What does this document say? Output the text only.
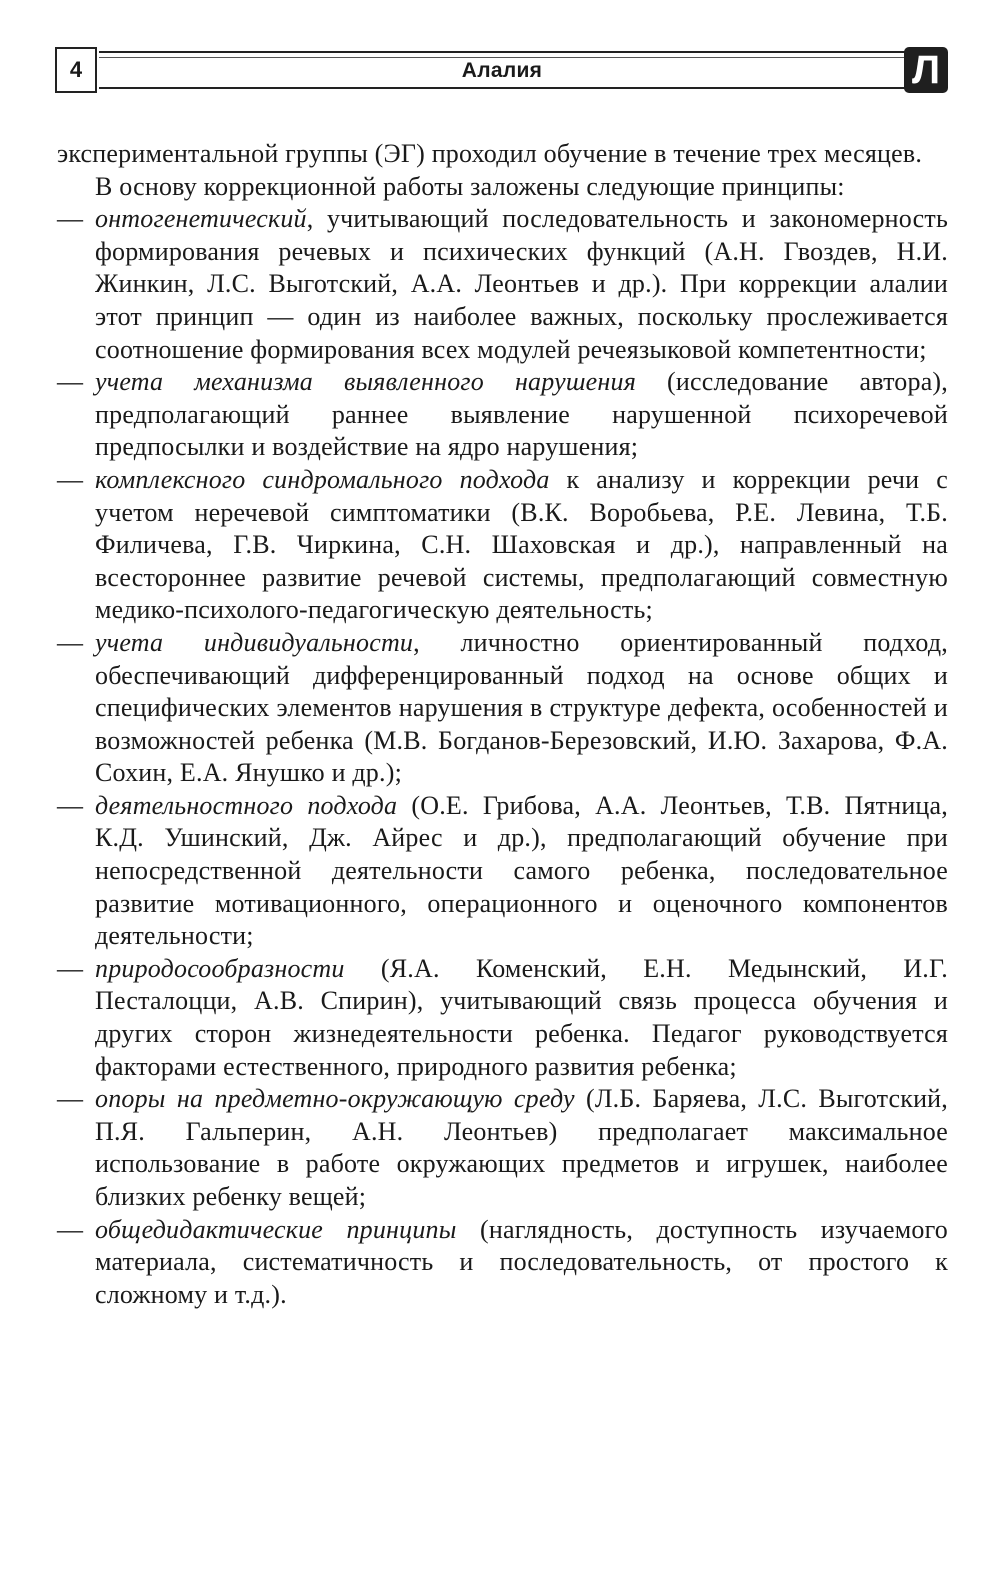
4	Алалия	Л

экспериментальной группы (ЭГ) проходил обучение в течение трех месяцев.

В основу коррекционной работы заложены следующие принципы:

— онтогенетический, учитывающий последовательность и закономерность формирования речевых и психических функций (А.Н. Гвоздев, Н.И. Жинкин, Л.С. Выготский, А.А. Леонтьев и др.). При коррекции алалии этот принцип — один из наиболее важных, поскольку прослеживается соотношение формирования всех модулей речеязыковой компетентности;
— учета механизма выявленного нарушения (исследование автора), предполагающий раннее выявление нарушенной психоречевой предпосылки и воздействие на ядро нарушения;
— комплексного синдромального подхода к анализу и коррекции речи с учетом неречевой симптоматики (В.К. Воробьева, Р.Е. Левина, Т.Б. Филичева, Г.В. Чиркина, С.Н. Шаховская и др.), направленный на всестороннее развитие речевой системы, предполагающий совместную медико-психолого-педагогическую деятельность;
— учета индивидуальности, личностно ориентированный подход, обеспечивающий дифференцированный подход на основе общих и специфических элементов нарушения в структуре дефекта, особенностей и возможностей ребенка (М.В. Богданов-Березовский, И.Ю. Захарова, Ф.А. Сохин, Е.А. Янушко и др.);
— деятельностного подхода (О.Е. Грибова, А.А. Леонтьев, Т.В. Пятница, К.Д. Ушинский, Дж. Айрес и др.), предполагающий обучение при непосредственной деятельности самого ребенка, последовательное развитие мотивационного, операционного и оценочного компонентов деятельности;
— природосообразности (Я.А. Коменский, Е.Н. Медынский, И.Г. Песталоцци, А.В. Спирин), учитывающий связь процесса обучения и других сторон жизнедеятельности ребенка. Педагог руководствуется факторами естественного, природного развития ребенка;
— опоры на предметно-окружающую среду (Л.Б. Баряева, Л.С. Выготский, П.Я. Гальперин, А.Н. Леонтьев) предполагает максимальное использование в работе окружающих предметов и игрушек, наиболее близких ребенку вещей;
— общедидактические принципы (наглядность, доступность изучаемого материала, систематичность и последовательность, от простого к сложному и т.д.).
